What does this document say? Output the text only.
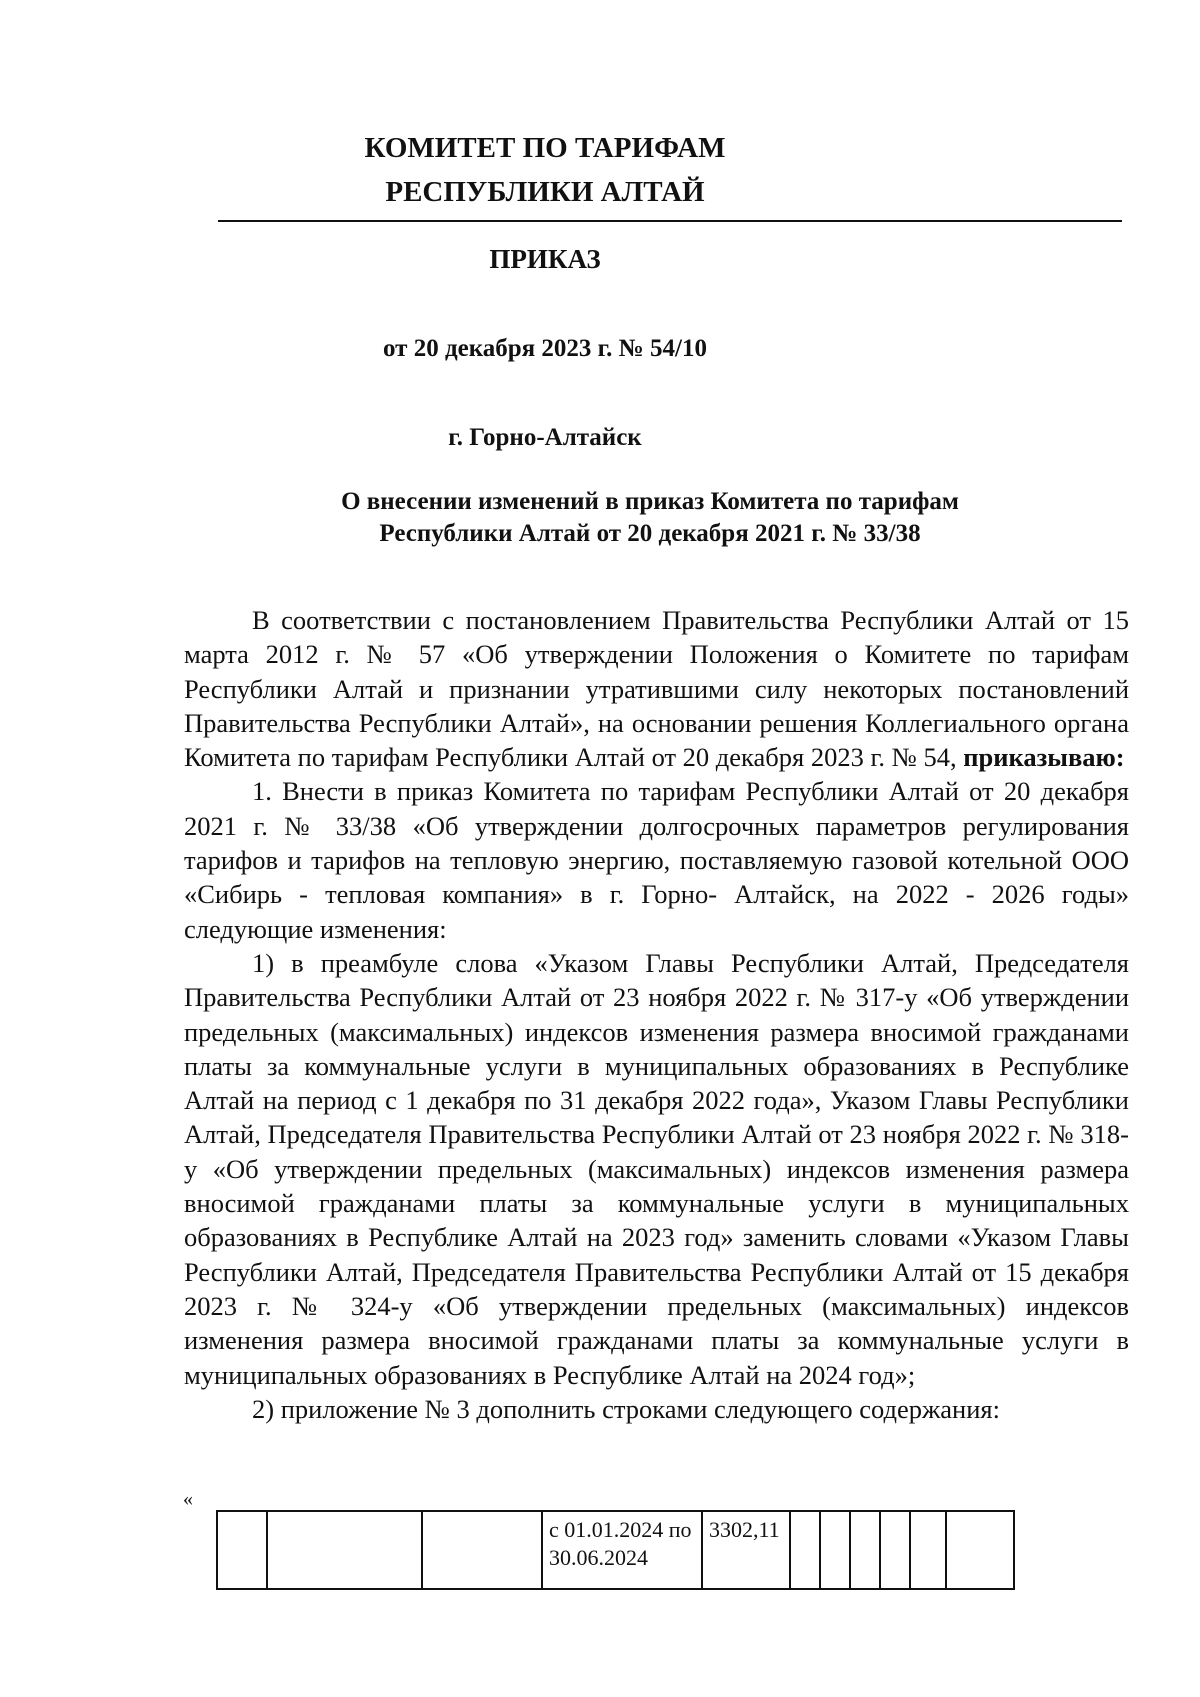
КОМИТЕТ ПО ТАРИФАМ
РЕСПУБЛИКИ АЛТАЙ
ПРИКАЗ
от 20 декабря 2023 г. № 54/10
г. Горно-Алтайск
О внесении изменений в приказ Комитета по тарифам
Республики Алтай от 20 декабря 2021 г. № 33/38

В соответствии с постановлением Правительства Республики Алтай от 15 марта 2012 г. № 57 «Об утверждении Положения о Комитете по тарифам Республики Алтай и признании утратившими силу некоторых постановлений Правительства Республики Алтай», на основании решения Коллегиального органа Комитета по тарифам Республики Алтай от 20 декабря 2023 г. № 54, приказываю:

1. Внести в приказ Комитета по тарифам Республики Алтай от 20 декабря 2021 г. № 33/38 «Об утверждении долгосрочных параметров регулирования тарифов и тарифов на тепловую энергию, поставляемую газовой котельной ООО «Сибирь - тепловая компания» в г. Горно- Алтайск, на 2022 - 2026 годы» следующие изменения:

1) в преамбуле слова «Указом Главы Республики Алтай, Председателя Правительства Республики Алтай от 23 ноября 2022 г. № 317-у «Об утверждении предельных (максимальных) индексов изменения размера вносимой гражданами платы за коммунальные услуги в муниципальных образованиях в Республике Алтай на период с 1 декабря по 31 декабря 2022 года», Указом Главы Республики Алтай, Председателя Правительства Республики Алтай от 23 ноября 2022 г. № 318-у «Об утверждении предельных (максимальных) индексов изменения размера вносимой гражданами платы за коммунальные услуги в муниципальных образованиях в Республике Алтай на 2023 год» заменить словами «Указом Главы Республики Алтай, Председателя Правительства Республики Алтай от 15 декабря 2023 г. № 324-у «Об утверждении предельных (максимальных) индексов изменения размера вносимой гражданами платы за коммунальные услуги в муниципальных образованиях в Республике Алтай на 2024 год»;

2) приложение № 3 дополнить строками следующего содержания:

«
			с 01.01.2024 по 30.06.2024	3302,11						
